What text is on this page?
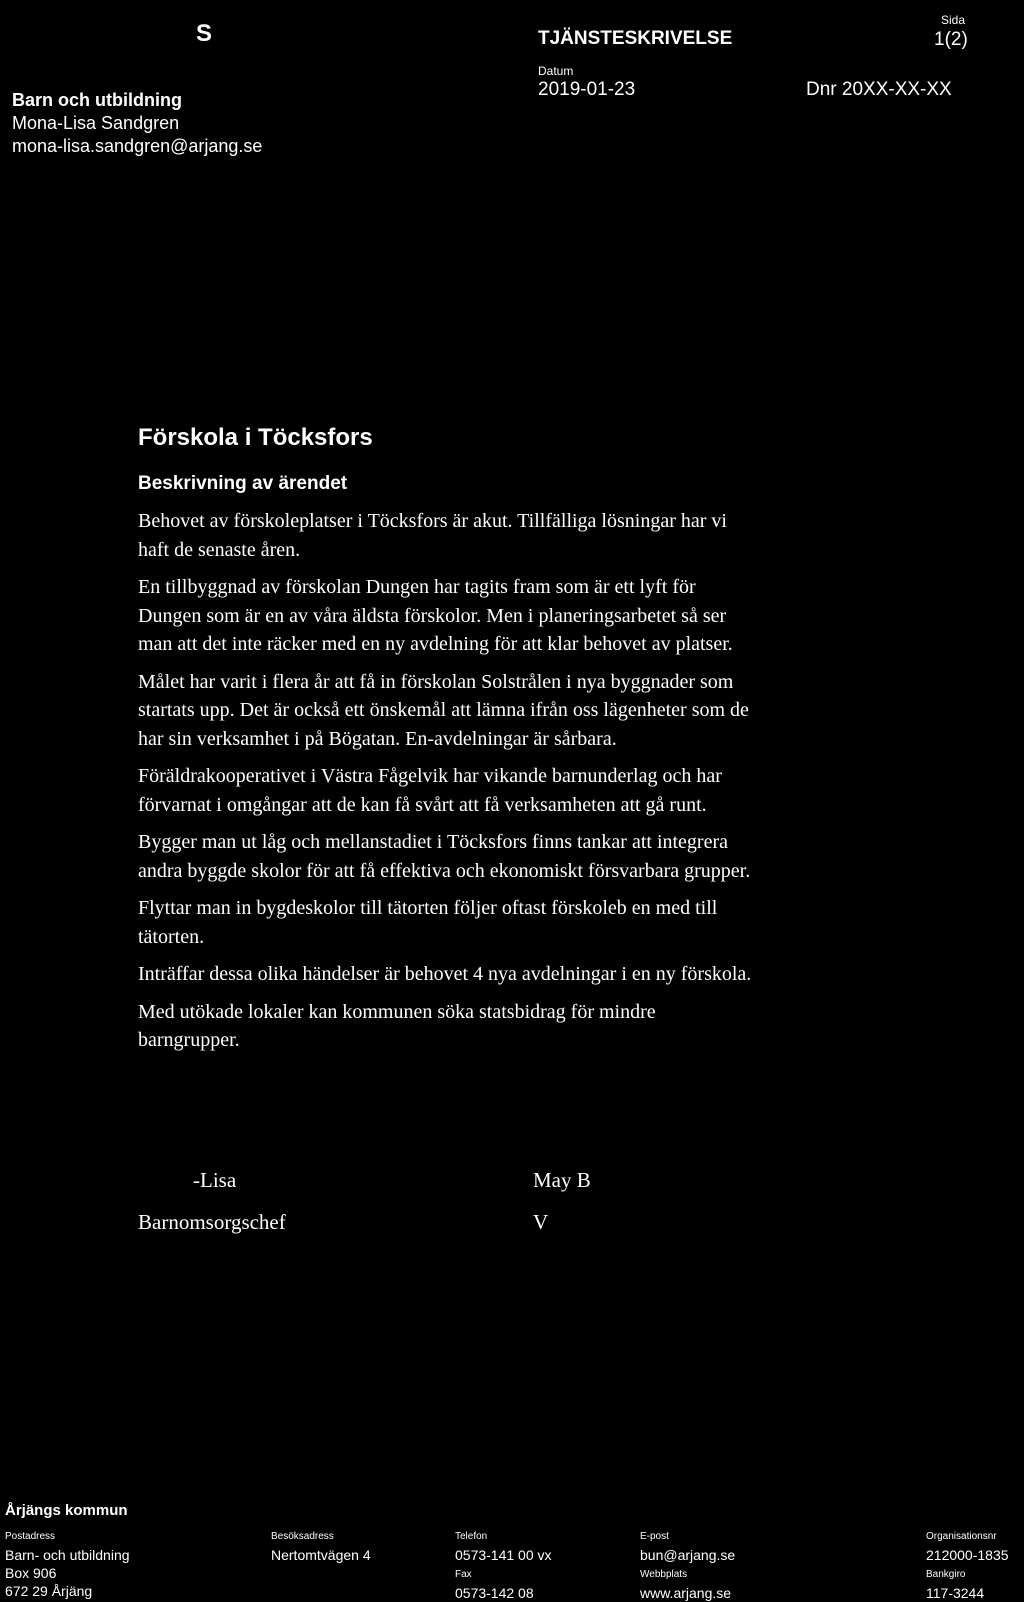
S	TJÄNSTESKRIVELSE
Sida
1(2)
Datum
2019-01-23	Dnr 20XX-XX-XX
Barn och utbildning
Mona-Lisa Sandgren
mona-lisa.sandgren@arjang.se
Förskola i Töcksfors
Beskrivning av ärendet

Behovet av förskoleplatser i Töcksfors är akut. Tillfälliga lösningar har vi
haft de senaste åren.

En tillbyggnad av förskolan Dungen har tagits fram som är ett lyft för
Dungen som är en av våra äldsta förskolor. Men i planeringsarbetet så ser
man att det inte räcker med en ny avdelning för att klar behovet av platser.

Målet har varit i flera år att få in förskolan Solstrålen i nya byggnader som
startats upp. Det är också ett önskemål att lämna ifrån oss lägenheter som de
har sin verksamhet i på Bögatan. En-avdelningar är sårbara.

Föräldrakooperativet i Västra Fågelvik har vikande barnunderlag och har
förvarnat i omgångar att de kan få svårt att få verksamheten att gå runt.

Bygger man ut låg och mellanstadiet i Töcksfors finns tankar att integrera
andra byggde skolor för att få effektiva och ekonomiskt försvarbara grupper.

Flyttar man in bygdeskolor till tätorten följer oftast förskoleb en med till
tätorten.

Inträffar dessa olika händelser är behovet 4 nya avdelningar i en ny förskola.

Med utökade lokaler kan kommunen söka statsbidrag för mindre
barngrupper.

-Lisa
Barnomsorgschef
May B
V
Årjängs kommun
Postadress
Barn- och utbildning
Box 906
672 29 Årjäng
Besöksadress
Nertomtvägen 4
Telefon
0573-141 00 vx
Fax
0573-142 08
E-post
bun@arjang.se
Webbplats
www.arjang.se
Organisationsnr
212000-1835
Bankgiro
117-3244
